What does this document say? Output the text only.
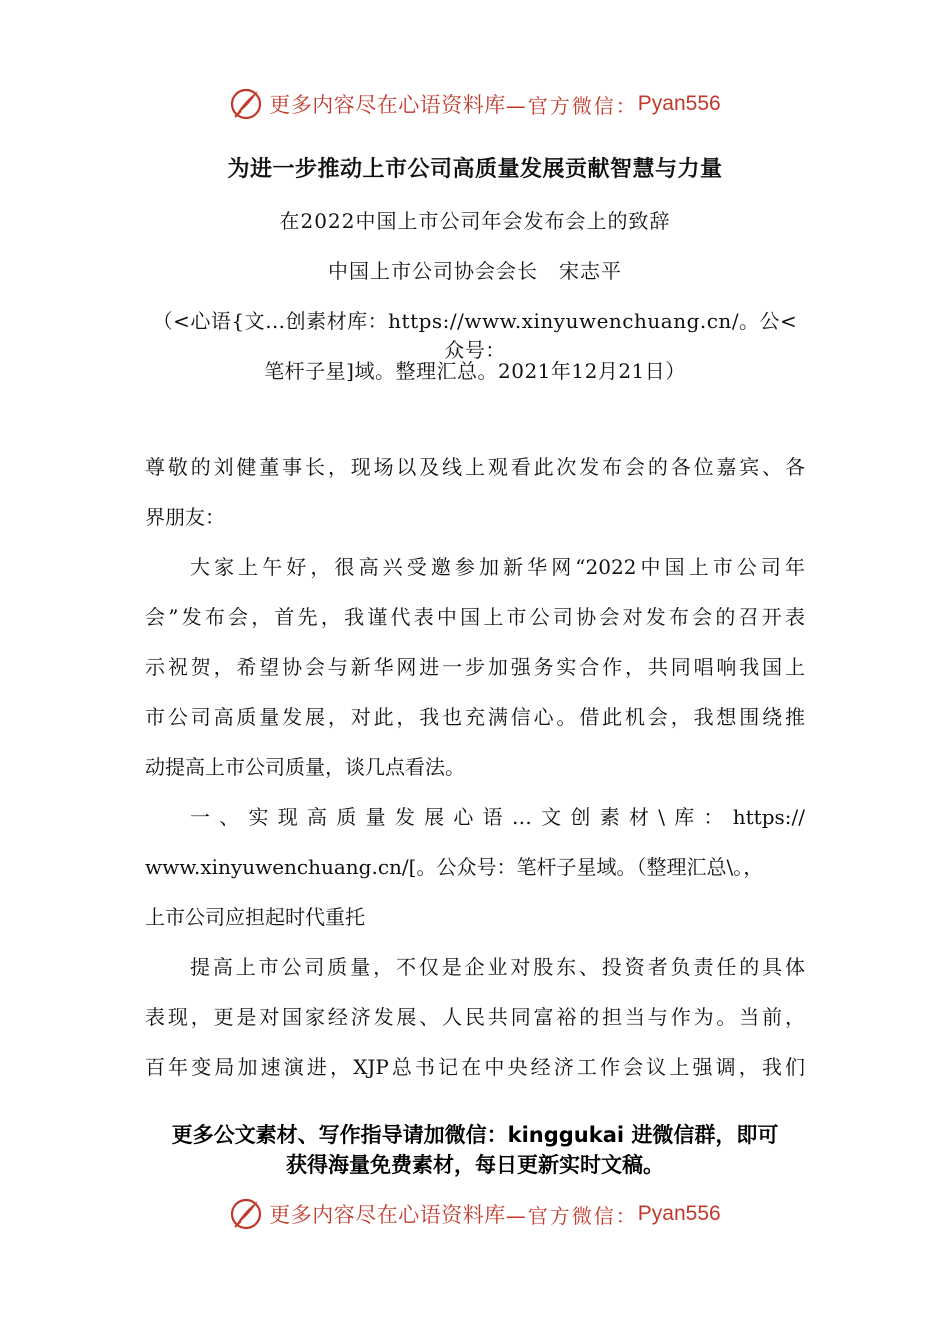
更多内容尽在心语资料库 —官方微信： Pyan556
为进一步推动上市公司高质量发展贡献智慧与力量
在2022中国上市公司年会发布会上的致辞
中国上市公司协会会长　宋志平
（<心语{文…创素材库：https://www.xinyuwenchuang.cn/。公<众号：
笔杆子星]域。整理汇总。2021年12月21日）
尊敬的刘健董事长，现场以及线上观看此次发布会的各位嘉宾、各
界朋友：
大家上午好，很高兴受邀参加新华网“2022中国上市公司年
会”发布会，首先，我谨代表中国上市公司协会对发布会的召开表
示祝贺，希望协会与新华网进一步加强务实合作，共同唱响我国上
市公司高质量发展，对此，我也充满信心。借此机会，我想围绕推
动提高上市公司质量，谈几点看法。
一、实现高质量发展心语…文创素材\库：https://
www.xinyuwenchuang.cn/[。公众号：笔杆子星域。（整理汇总\。，
上市公司应担起时代重托
提高上市公司质量，不仅是企业对股东、投资者负责任的具体
表现，更是对国家经济发展、人民共同富裕的担当与作为。当前，
百年变局加速演进，XJP总书记在中央经济工作会议上强调，我们
更多公文素材、写作指导请加微信：kinggukai 进微信群，即可
获得海量免费素材，每日更新实时文稿。
更多内容尽在心语资料库 —官方微信： Pyan556
